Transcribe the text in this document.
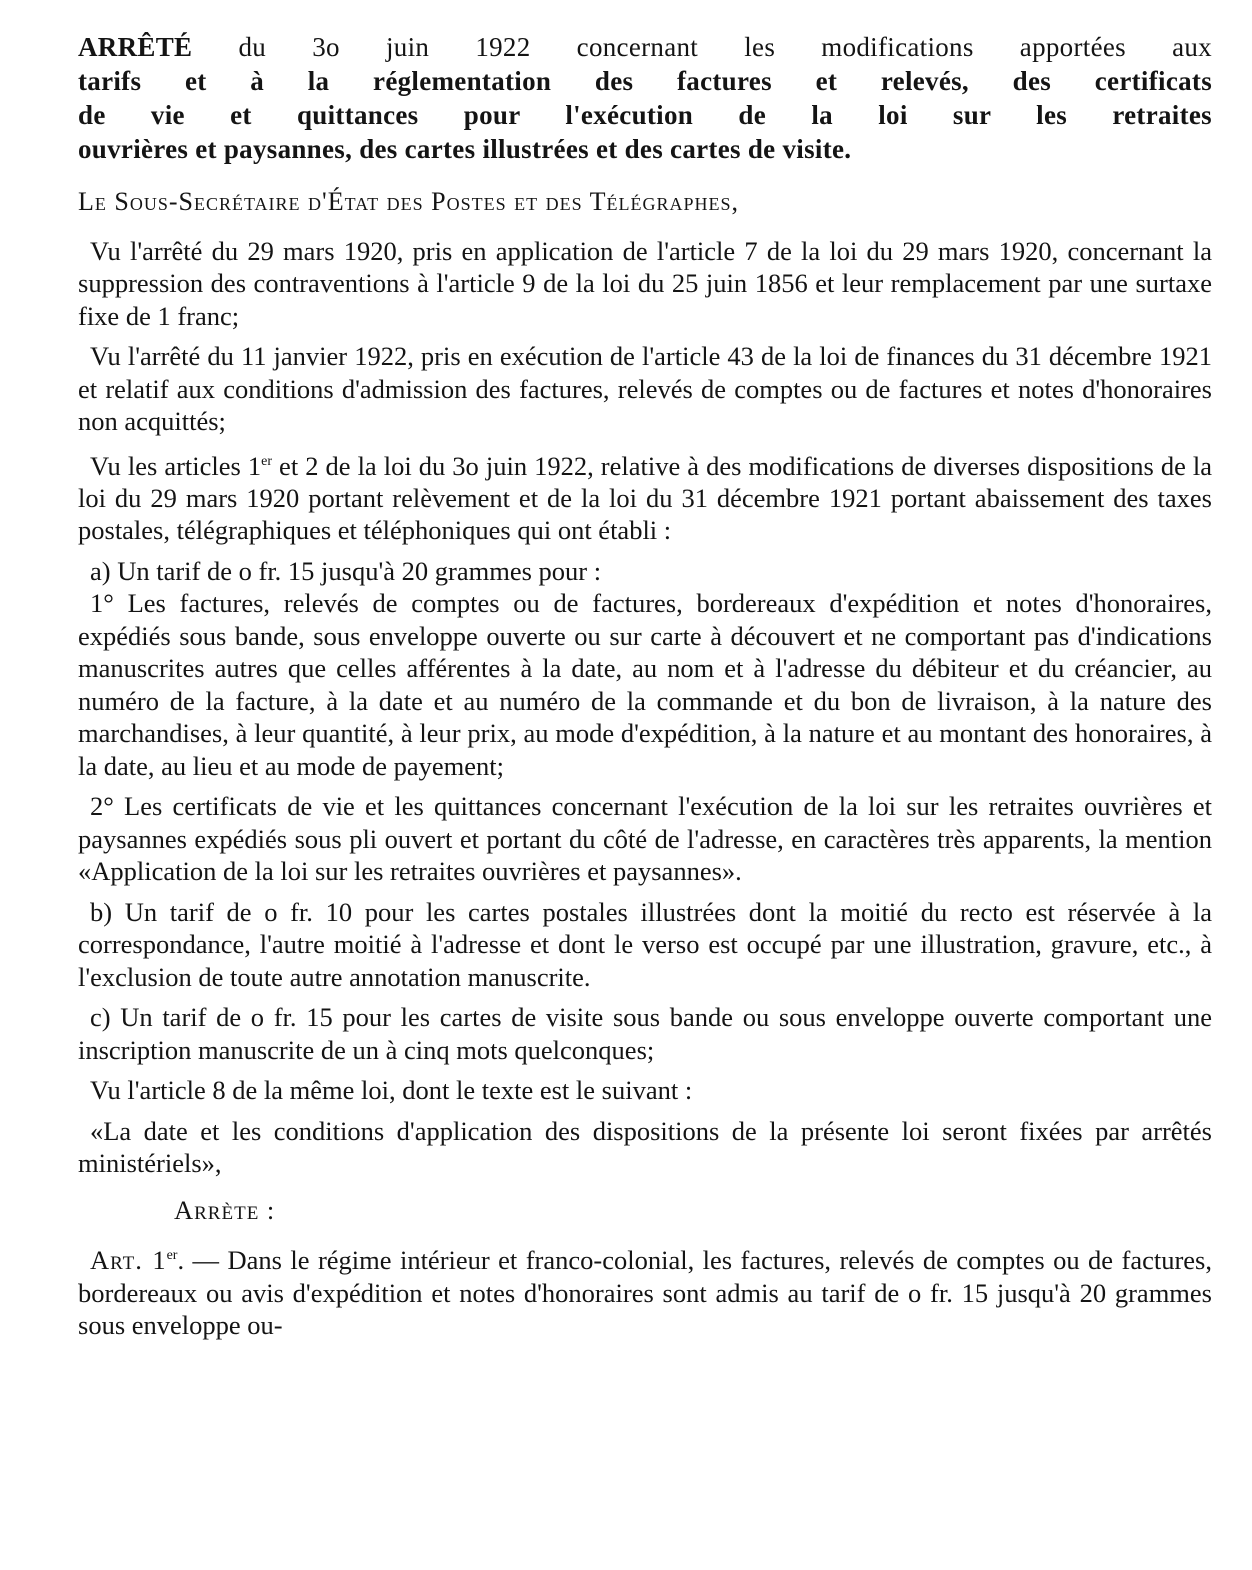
ARRÊTÉ du 3o juin 1922 concernant les modifications apportées aux
tarifs et à la réglementation des factures et relevés, des certificats
de vie et quittances pour l'exécution de la loi sur les retraites
ouvrières et paysannes, des cartes illustrées et des cartes de visite.

Le Sous-Secrétaire d'État des Postes et des Télégraphes,

Vu l'arrêté du 29 mars 1920, pris en application de l'article 7 de la loi du 29 mars 1920, concernant la suppression des contraventions à l'article 9 de la loi du 25 juin 1856 et leur remplacement par une surtaxe fixe de 1 franc;

Vu l'arrêté du 11 janvier 1922, pris en exécution de l'article 43 de la loi de finances du 31 décembre 1921 et relatif aux conditions d'admission des factures, relevés de comptes ou de factures et notes d'honoraires non acquittés;

Vu les articles 1er et 2 de la loi du 3o juin 1922, relative à des modifications de diverses dispositions de la loi du 29 mars 1920 portant relèvement et de la loi du 31 décembre 1921 portant abaissement des taxes postales, télégraphiques et téléphoniques qui ont établi :

a) Un tarif de o fr. 15 jusqu'à 20 grammes pour :

1° Les factures, relevés de comptes ou de factures, bordereaux d'expédition et notes d'honoraires, expédiés sous bande, sous enveloppe ouverte ou sur carte à découvert et ne comportant pas d'indications manuscrites autres que celles afférentes à la date, au nom et à l'adresse du débiteur et du créancier, au numéro de la facture, à la date et au numéro de la commande et du bon de livraison, à la nature des marchandises, à leur quantité, à leur prix, au mode d'expédition, à la nature et au montant des honoraires, à la date, au lieu et au mode de payement;

2° Les certificats de vie et les quittances concernant l'exécution de la loi sur les retraites ouvrières et paysannes expédiés sous pli ouvert et portant du côté de l'adresse, en caractères très apparents, la mention «Application de la loi sur les retraites ouvrières et paysannes».

b) Un tarif de o fr. 10 pour les cartes postales illustrées dont la moitié du recto est réservée à la correspondance, l'autre moitié à l'adresse et dont le verso est occupé par une illustration, gravure, etc., à l'exclusion de toute autre annotation manuscrite.

c) Un tarif de o fr. 15 pour les cartes de visite sous bande ou sous enveloppe ouverte comportant une inscription manuscrite de un à cinq mots quelconques;

Vu l'article 8 de la même loi, dont le texte est le suivant :

«La date et les conditions d'application des dispositions de la présente loi seront fixées par arrêtés ministériels»,

Arrète :

Art. 1er. — Dans le régime intérieur et franco-colonial, les factures, relevés de comptes ou de factures, bordereaux ou avis d'expédition et notes d'honoraires sont admis au tarif de o fr. 15 jusqu'à 20 grammes sous enveloppe ou-
